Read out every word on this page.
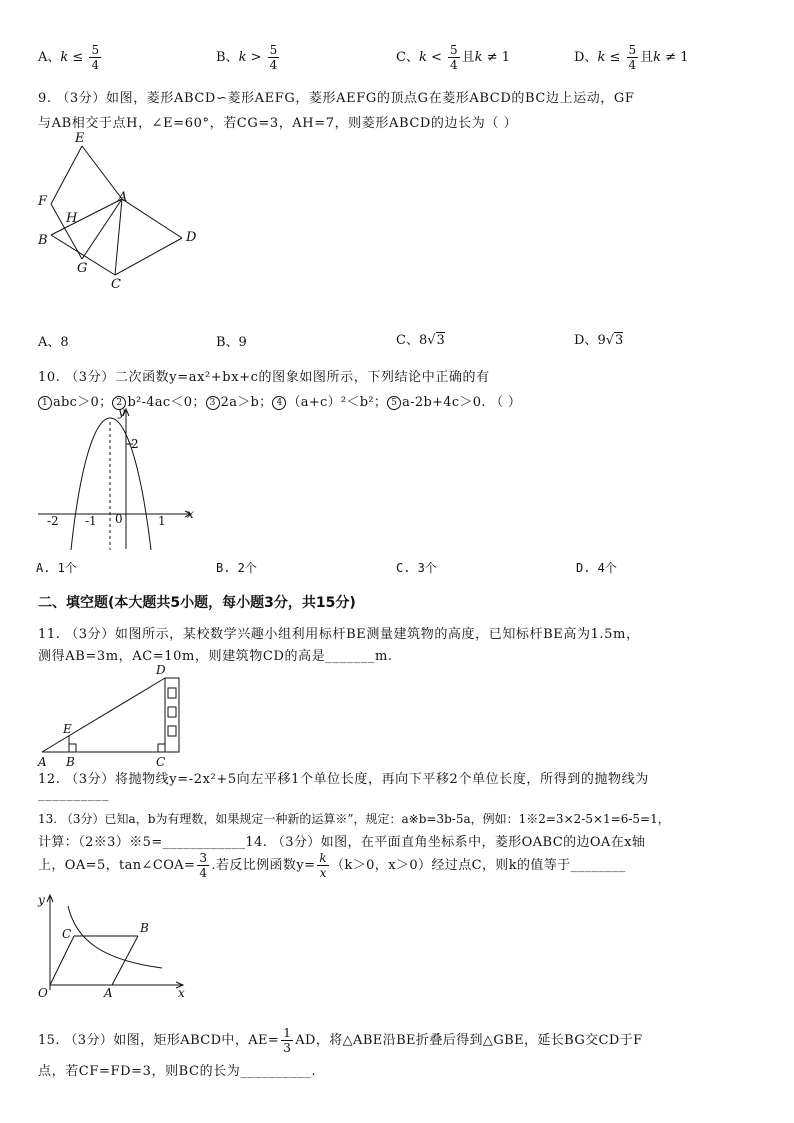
A、$k \le \frac{5}{4}$	B、$k > \frac{5}{4}$	C、$k < \frac{5}{4}$ 且k ≠ 1	D、$k \le \frac{5}{4}$ 且k ≠ 1
9. （3分）如图，菱形ABCD∽菱形AEFG，菱形AEFG的顶点G在菱形ABCD的BC边上运动，GF
与AB相交于点H，∠E=60°，若CG=3，AH=7，则菱形ABCD的边长为（ ）
E
F	A
H
B	D
G
C
A、8	B、9	C、8√3	D、9√3
10. （3分）二次函数y=ax²+bx+c的图象如图所示，下列结论中正确的有
1 abc＞0； 2 b²-4ac＜0； 3 2a＞b； 4 （a+c）²＜b²； 5 a-2b+4c＞0. （ ）
y
x
2
-2 -1 0	1
A. 1个	B. 2个	C. 3个	D. 4个
二、填空题(本大题共5小题，每小题3分，共15分)
11. （3分）如图所示，某校数学兴趣小组利用标杆BE测量建筑物的高度，已知标杆BE高为1.5m，
测得AB=3m，AC=10m，则建筑物CD的高是_______m.
D
E
A B	C
12. （3分）将抛物线y=-2x²+5向左平移1个单位长度，再向下平移2个单位长度，所得到的抛物线为
__________
13. （3分）已知a，b为有理数，如果规定一种新的运算※”，规定：a※b=3b-5a，例如：1※2=3×2-5×1=6-5=1，
计算：（2※3）※5=____________14. （3分）如图，在平面直角坐标系中，菱形OABC的边OA在x轴
上，OA=5，tan∠COA= $\frac{3}{4}$ .若反比例函数$y= \frac{k}{x} (k>0$，x＞0）经过点C，则k的值等于________
y
C	B
O	A	x
15. （3分）如图，矩形ABCD中，$AE= \frac{1}{3}$ AD，将△ABE沿BE折叠后得到△GBE，延长BG交CD于F
点，若CF=FD=3，则BC的长为__________.
